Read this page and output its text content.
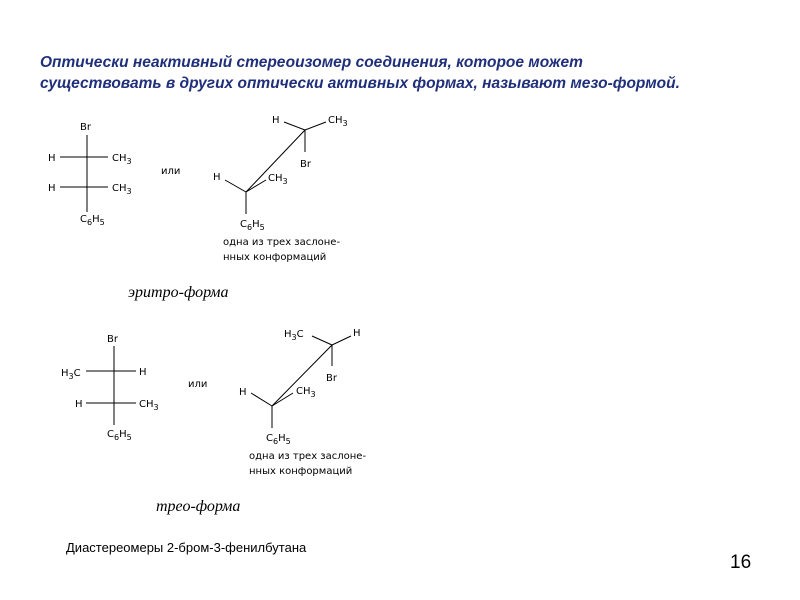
Оптически неактивный стереоизомер соединения, которое может
существовать в других оптически активных формах, называют мезо-формой.
Br
H	$CH_3$
H	$CH_3$
$C_6H_5$
или
H	$CH_3$
Br
H	$CH_3$
$C_6H_5$
одна из трех заслоне-
нных конформаций
эритро-форма
Br
$H_3C$	H
H	$CH_3$
$C_6H_5$
или
$H_3C$	H
Br
H	$CH_3$
$C_6H_5$
одна из трех заслоне-
нных конформаций
трео-форма
Диастереомеры 2-бром-3-фенилбутана
16
